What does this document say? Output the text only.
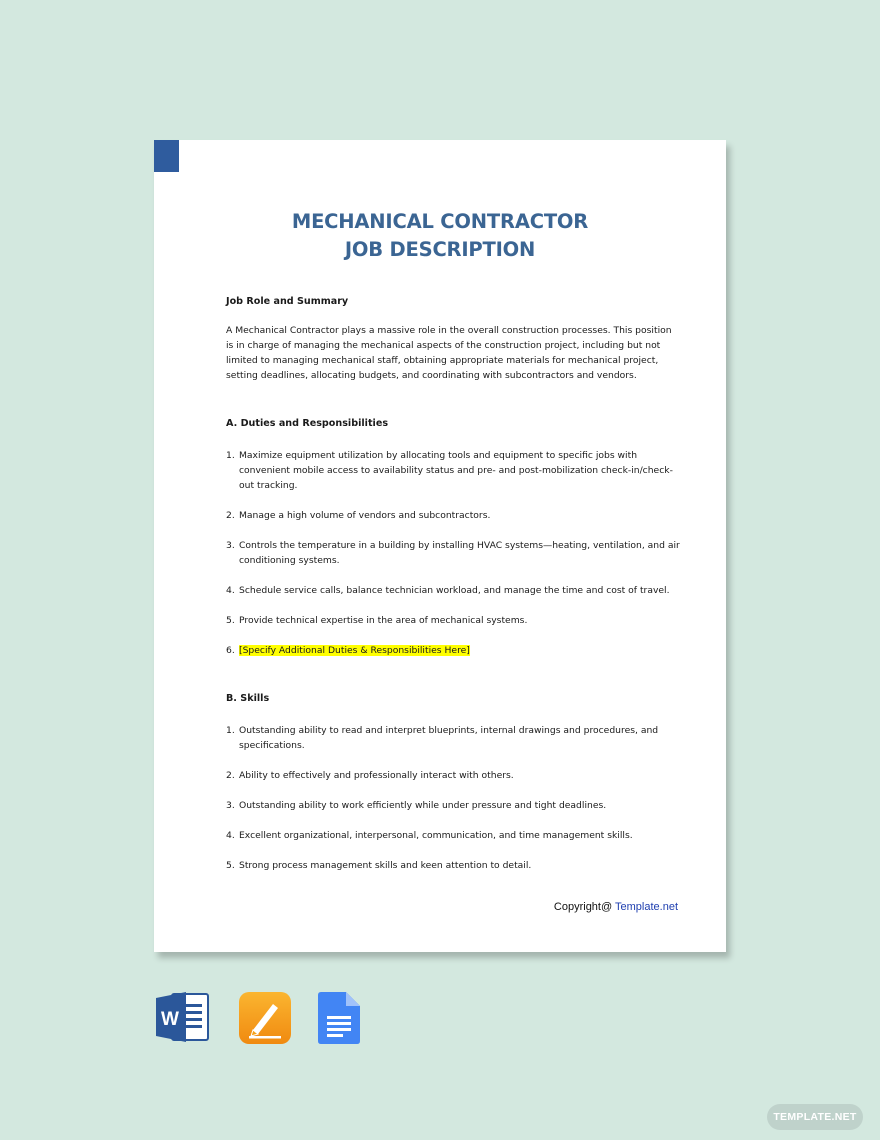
MECHANICAL CONTRACTOR
JOB DESCRIPTION

Job Role and Summary

A Mechanical Contractor plays a massive role in the overall construction processes. This position is in charge of managing the mechanical aspects of the construction project, including but not limited to managing mechanical staff, obtaining appropriate materials for mechanical project, setting deadlines, allocating budgets, and coordinating with subcontractors and vendors.

A. Duties and Responsibilities

1. Maximize equipment utilization by allocating tools and equipment to specific jobs with convenient mobile access to availability status and pre- and post-mobilization check-in/check-out tracking.
2. Manage a high volume of vendors and subcontractors.
3. Controls the temperature in a building by installing HVAC systems—heating, ventilation, and air conditioning systems.
4. Schedule service calls, balance technician workload, and manage the time and cost of travel.
5. Provide technical expertise in the area of mechanical systems.
6. [Specify Additional Duties & Responsibilities Here]

B. Skills

1. Outstanding ability to read and interpret blueprints, internal drawings and procedures, and specifications.
2. Ability to effectively and professionally interact with others.
3. Outstanding ability to work efficiently while under pressure and tight deadlines.
4. Excellent organizational, interpersonal, communication, and time management skills.
5. Strong process management skills and keen attention to detail.
Copyright@ Template.net
W
TEMPLATE.NET
